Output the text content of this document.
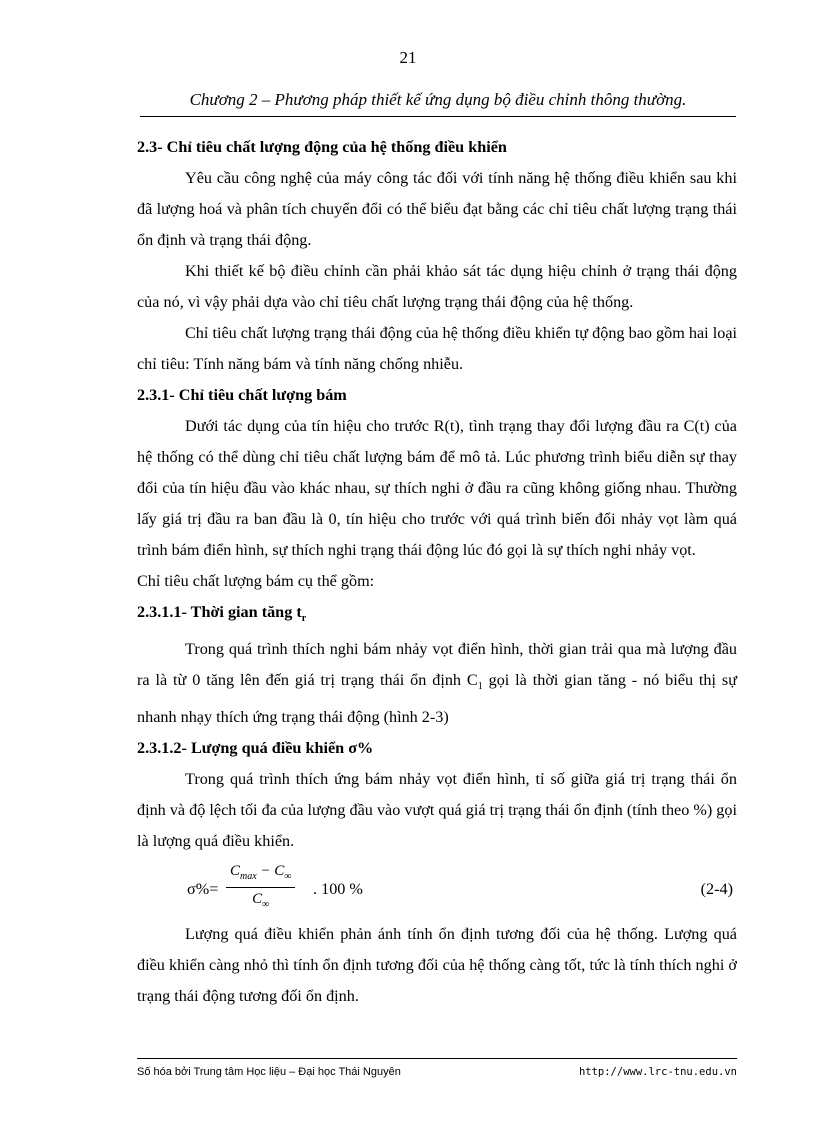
21
Chương 2 – Phương pháp thiết kế ứng dụng bộ điều chỉnh thông thường.

2.3- Chỉ tiêu chất lượng động của hệ thống điều khiển

Yêu cầu công nghệ của máy công tác đối với tính năng hệ thống điều khiển sau khi đã lượng hoá và phân tích chuyển đổi có thể biểu đạt bằng các chỉ tiêu chất lượng trạng thái ổn định và trạng thái động.

Khi thiết kế bộ điều chỉnh cần phải khảo sát tác dụng hiệu chỉnh ở trạng thái động của nó, vì vậy phải dựa vào chỉ tiêu chất lượng trạng thái động của hệ thống.

Chỉ tiêu chất lượng trạng thái động của hệ thống điều khiển tự động bao gồm hai loại chỉ tiêu: Tính năng bám và tính năng chống nhiễu.

2.3.1- Chỉ tiêu chất lượng bám

Dưới tác dụng của tín hiệu cho trước R(t), tình trạng thay đổi lượng đầu ra C(t) của hệ thống có thể dùng chỉ tiêu chất lượng bám để mô tả. Lúc phương trình biểu diễn sự thay đổi của tín hiệu đầu vào khác nhau, sự thích nghi ở đầu ra cũng không giống nhau. Thường lấy giá trị đầu ra ban đầu là 0, tín hiệu cho trước với quá trình biến đổi nhảy vọt làm quá trình bám điển hình, sự thích nghi trạng thái động lúc đó gọi là sự thích nghi nhảy vọt.

Chỉ tiêu chất lượng bám cụ thể gồm:

2.3.1.1- Thời gian tăng $t_r$

Trong quá trình thích nghi bám nhảy vọt điển hình, thời gian trải qua mà lượng đầu ra là từ 0 tăng lên đến giá trị trạng thái ổn định $C_1$ gọi là thời gian tăng - nó biểu thị sự nhanh nhạy thích ứng trạng thái động (hình 2-3)

2.3.1.2- Lượng quá điều khiển σ%

Trong quá trình thích ứng bám nhảy vọt điển hình, tỉ số giữa giá trị trạng thái ổn định và độ lệch tối đa của lượng đầu vào vượt quá giá trị trạng thái ổn định (tính theo %) gọi là lượng quá điều khiển.

σ%=
$C_{max} - C_\infty$
$C_\infty$
. 100 %	(2-4)

Lượng quá điều khiển phản ánh tính ổn định tương đối của hệ thống. Lượng quá điều khiển càng nhỏ thì tính ổn định tương đối của hệ thống càng tốt, tức là tính thích nghi ở trạng thái động tương đối ổn định.

Số hóa bởi Trung tâm Học liệu – Đại học Thái Nguyên	http://www.lrc-tnu.edu.vn
